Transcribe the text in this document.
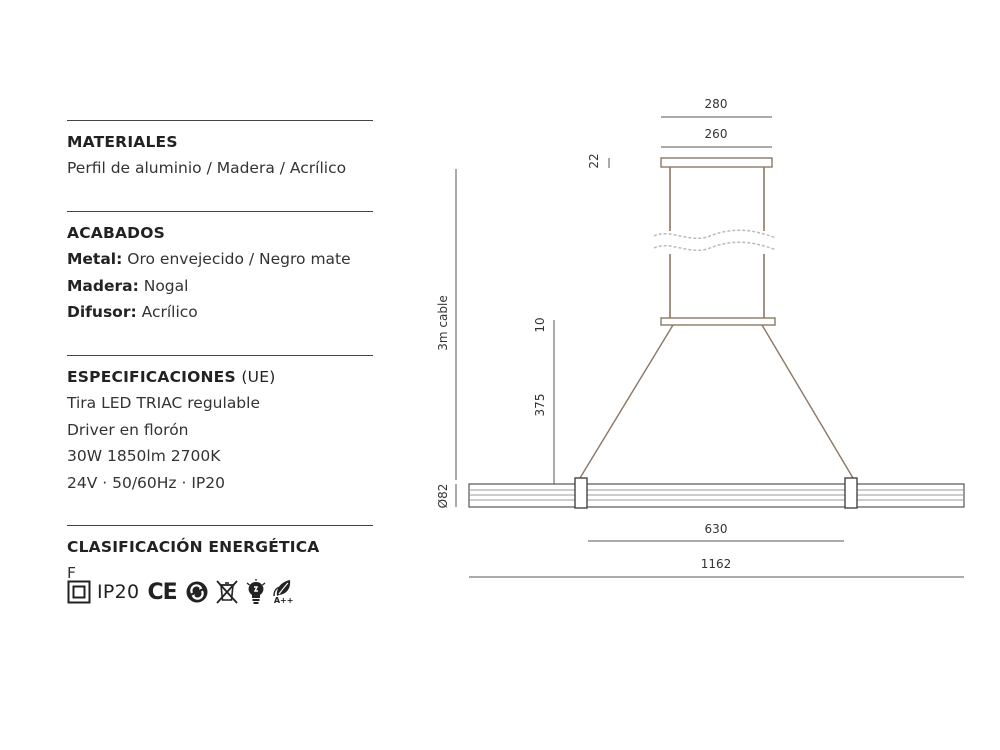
MATERIALES
Perfil de aluminio / Madera / Acrílico
ACABADOS
Metal: Oro envejecido / Negro mate
Madera: Nogal
Difusor: Acrílico
ESPECIFICACIONES (UE)
Tira LED TRIAC regulable
Driver en florón
30W 1850lm 2700K
24V · 50/60Hz · IP20
CLASIFICACIÓN ENERGÉTICA
F
IP20 CE	A++
280
260
22
3m cable	10
375
Ø82
630
1162
